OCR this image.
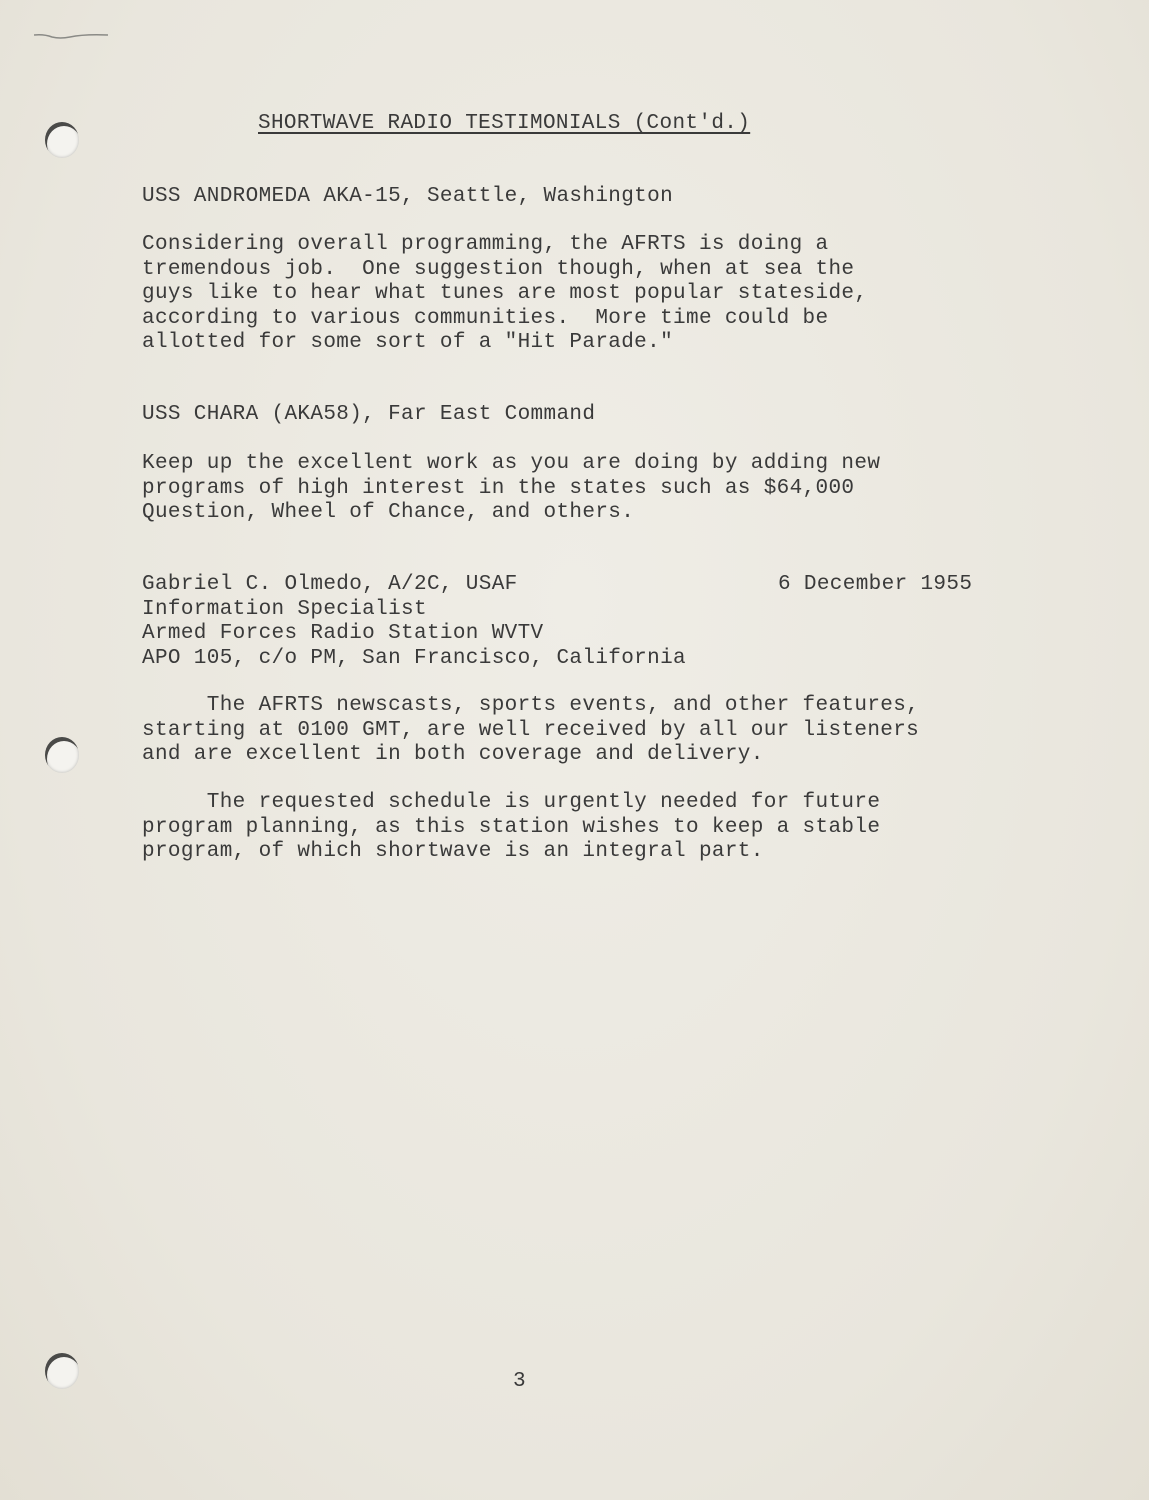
SHORTWAVE RADIO TESTIMONIALS (Cont'd.)
USS ANDROMEDA AKA-15, Seattle, Washington
Considering overall programming, the AFRTS is doing a
tremendous job.  One suggestion though, when at sea the
guys like to hear what tunes are most popular stateside,
according to various communities.  More time could be
allotted for some sort of a "Hit Parade."
USS CHARA (AKA58), Far East Command
Keep up the excellent work as you are doing by adding new
programs of high interest in the states such as $64,000
Question, Wheel of Chance, and others.
Gabriel C. Olmedo, A/2C, USAF	6 December 1955
Information Specialist
Armed Forces Radio Station WVTV
APO 105, c/o PM, San Francisco, California
The AFRTS newscasts, sports events, and other features,
starting at 0100 GMT, are well received by all our listeners
and are excellent in both coverage and delivery.
The requested schedule is urgently needed for future
program planning, as this station wishes to keep a stable
program, of which shortwave is an integral part.
3
